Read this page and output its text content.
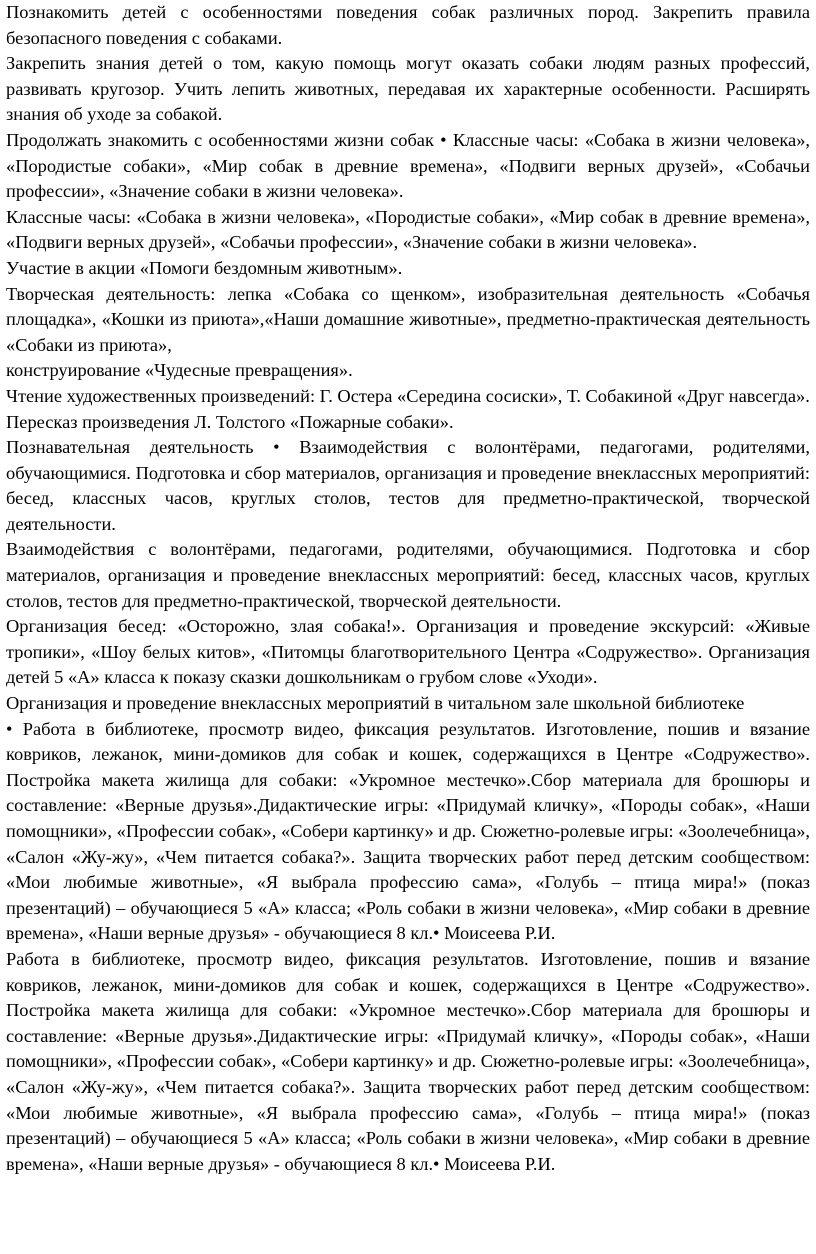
Познакомить детей с особенностями поведения собак различных пород. Закрепить правила безопасного поведения с собаками.

Закрепить знания детей о том, какую помощь могут оказать собаки людям разных профессий, развивать кругозор. Учить лепить животных, передавая их характерные особенности. Расширять знания об уходе за собакой.

Продолжать знакомить с особенностями жизни собак • Классные часы: «Собака в жизни человека», «Породистые собаки», «Мир собак в древние времена», «Подвиги верных друзей», «Собачьи профессии», «Значение собаки в жизни человека».

Классные часы: «Собака в жизни человека», «Породистые собаки», «Мир собак в древние времена», «Подвиги верных друзей», «Собачьи профессии», «Значение собаки в жизни человека».

Участие в акции «Помоги бездомным животным».

Творческая деятельность: лепка «Собака со щенком», изобразительная деятельность «Собачья площадка», «Кошки из приюта»,«Наши домашние животные», предметно-практическая деятельность «Собаки из приюта»,

конструирование «Чудесные превращения».

Чтение художественных произведений: Г. Остера «Середина сосиски», Т. Собакиной «Друг навсегда».

Пересказ произведения Л. Толстого «Пожарные собаки».

Познавательная деятельность • Взаимодействия с волонтёрами, педагогами, родителями, обучающимися. Подготовка и сбор материалов, организация и проведение внеклассных мероприятий: бесед, классных часов, круглых столов, тестов для предметно-практической, творческой деятельности.

Взаимодействия с волонтёрами, педагогами, родителями, обучающимися. Подготовка и сбор материалов, организация и проведение внеклассных мероприятий: бесед, классных часов, круглых столов, тестов для предметно-практической, творческой деятельности.

Организация бесед: «Осторожно, злая собака!». Организация и проведение экскурсий: «Живые тропики», «Шоу белых китов», «Питомцы благотворительного Центра «Содружество». Организация детей 5 «А» класса к показу сказки дошкольникам о грубом слове «Уходи».

Организация и проведение внеклассных мероприятий в читальном зале школьной библиотеке

• Работа в библиотеке, просмотр видео, фиксация результатов. Изготовление, пошив и вязание ковриков, лежанок, мини-домиков для собак и кошек, содержащихся в Центре «Содружество». Постройка макета жилища для собаки: «Укромное местечко».Сбор материала для брошюры и составление: «Верные друзья».Дидактические игры: «Придумай кличку», «Породы собак», «Наши помощники», «Профессии собак», «Собери картинку» и др. Сюжетно-ролевые игры: «Зоолечебница», «Салон «Жу-жу», «Чем питается собака?». Защита творческих работ перед детским сообществом: «Мои любимые животные», «Я выбрала профессию сама», «Голубь – птица мира!» (показ презентаций) – обучающиеся 5 «А» класса; «Роль собаки в жизни человека», «Мир собаки в древние времена», «Наши верные друзья» - обучающиеся 8 кл.• Моисеева Р.И.

Работа в библиотеке, просмотр видео, фиксация результатов. Изготовление, пошив и вязание ковриков, лежанок, мини-домиков для собак и кошек, содержащихся в Центре «Содружество». Постройка макета жилища для собаки: «Укромное местечко».Сбор материала для брошюры и составление: «Верные друзья».Дидактические игры: «Придумай кличку», «Породы собак», «Наши помощники», «Профессии собак», «Собери картинку» и др. Сюжетно-ролевые игры: «Зоолечебница», «Салон «Жу-жу», «Чем питается собака?». Защита творческих работ перед детским сообществом: «Мои любимые животные», «Я выбрала профессию сама», «Голубь – птица мира!» (показ презентаций) – обучающиеся 5 «А» класса; «Роль собаки в жизни человека», «Мир собаки в древние времена», «Наши верные друзья» - обучающиеся 8 кл.• Моисеева Р.И.
